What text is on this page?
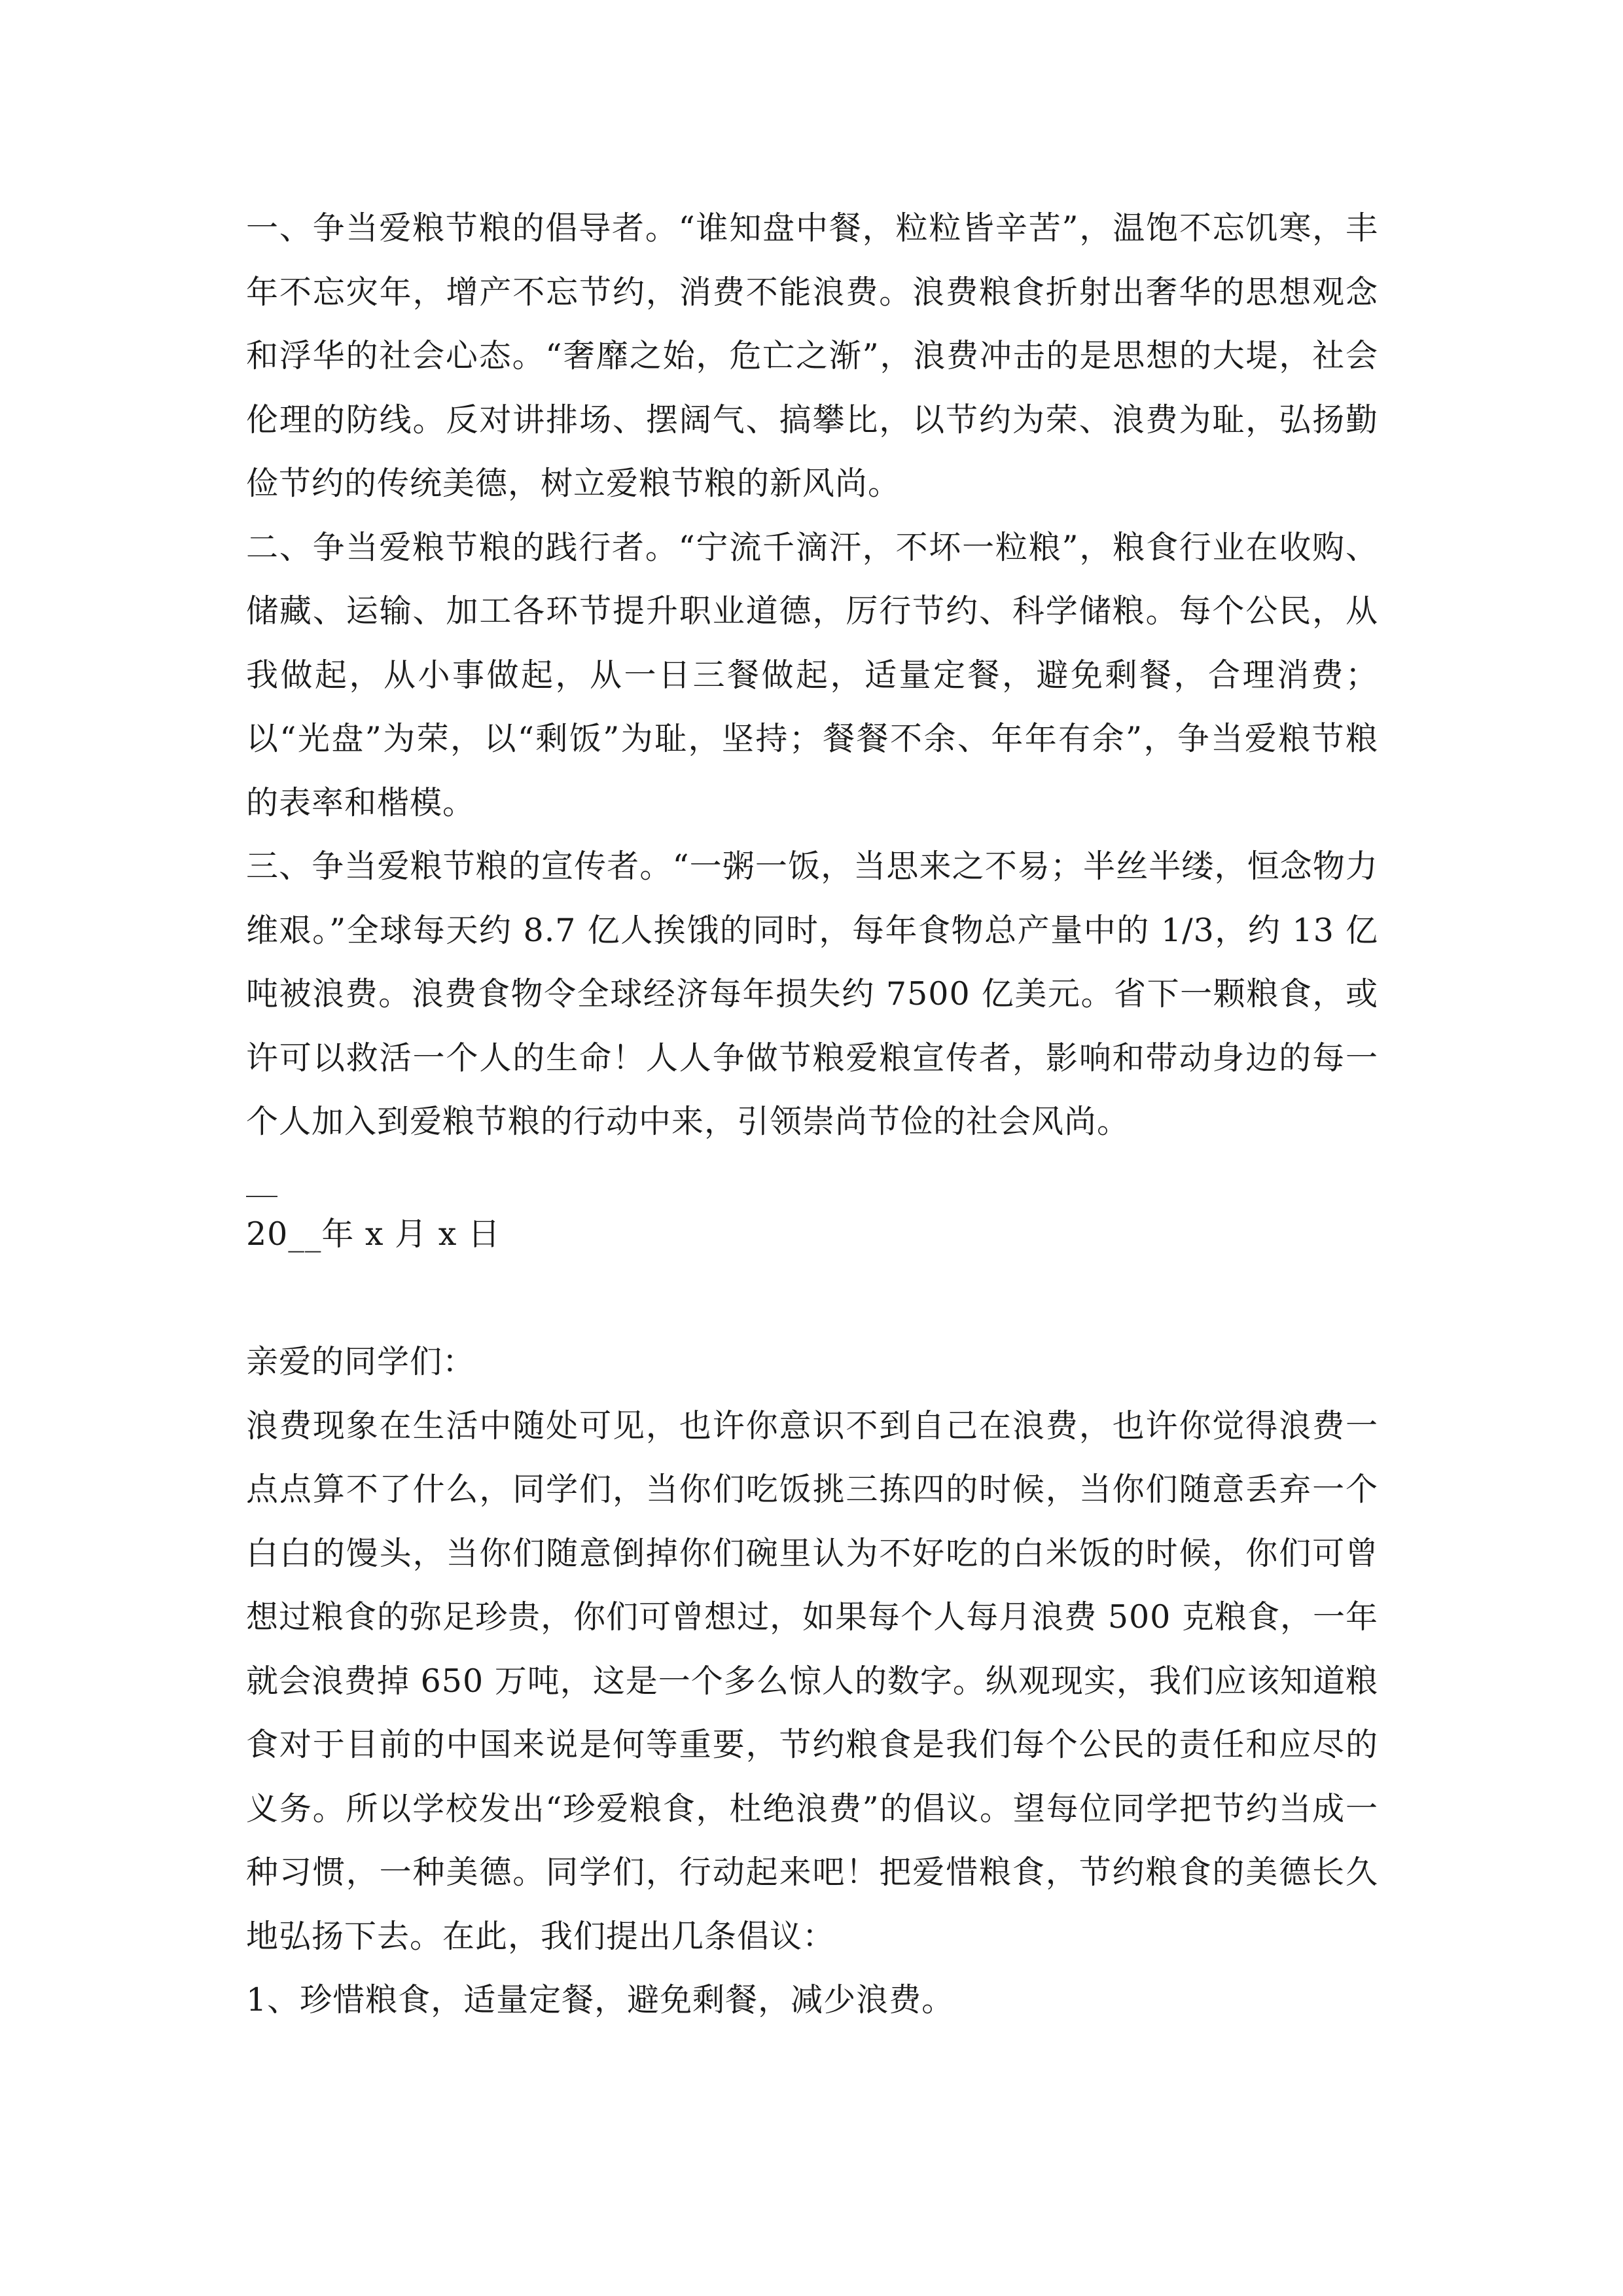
一、争当爱粮节粮的倡导者。“谁知盘中餐，粒粒皆辛苦”，温饱不忘饥寒，丰年不忘灾年，增产不忘节约，消费不能浪费。浪费粮食折射出奢华的思想观念和浮华的社会心态。“奢靡之始，危亡之渐”，浪费冲击的是思想的大堤，社会伦理的防线。反对讲排场、摆阔气、搞攀比，以节约为荣、浪费为耻，弘扬勤俭节约的传统美德，树立爱粮节粮的新风尚。

二、争当爱粮节粮的践行者。“宁流千滴汗，不坏一粒粮”，粮食行业在收购、储藏、运输、加工各环节提升职业道德，厉行节约、科学储粮。每个公民，从我做起，从小事做起，从一日三餐做起，适量定餐，避免剩餐，合理消费；以“光盘”为荣，以“剩饭”为耻，坚持；餐餐不余、年年有余”，争当爱粮节粮的表率和楷模。

三、争当爱粮节粮的宣传者。“一粥一饭，当思来之不易；半丝半缕，恒念物力维艰。”全球每天约 8.7 亿人挨饿的同时，每年食物总产量中的 1/3，约 13 亿吨被浪费。浪费食物令全球经济每年损失约 7500 亿美元。省下一颗粮食，或许可以救活一个人的生命！人人争做节粮爱粮宣传者，影响和带动身边的每一个人加入到爱粮节粮的行动中来，引领崇尚节俭的社会风尚。

20__年 x 月 x 日

亲爱的同学们：

浪费现象在生活中随处可见，也许你意识不到自己在浪费，也许你觉得浪费一点点算不了什么，同学们，当你们吃饭挑三拣四的时候，当你们随意丢弃一个白白的馒头，当你们随意倒掉你们碗里认为不好吃的白米饭的时候，你们可曾想过粮食的弥足珍贵，你们可曾想过，如果每个人每月浪费 500 克粮食，一年就会浪费掉 650 万吨，这是一个多么惊人的数字。纵观现实，我们应该知道粮食对于目前的中国来说是何等重要，节约粮食是我们每个公民的责任和应尽的义务。所以学校发出“珍爱粮食，杜绝浪费”的倡议。望每位同学把节约当成一种习惯，一种美德。同学们，行动起来吧！把爱惜粮食，节约粮食的美德长久地弘扬下去。在此，我们提出几条倡议：

1、珍惜粮食，适量定餐，避免剩餐，减少浪费。
